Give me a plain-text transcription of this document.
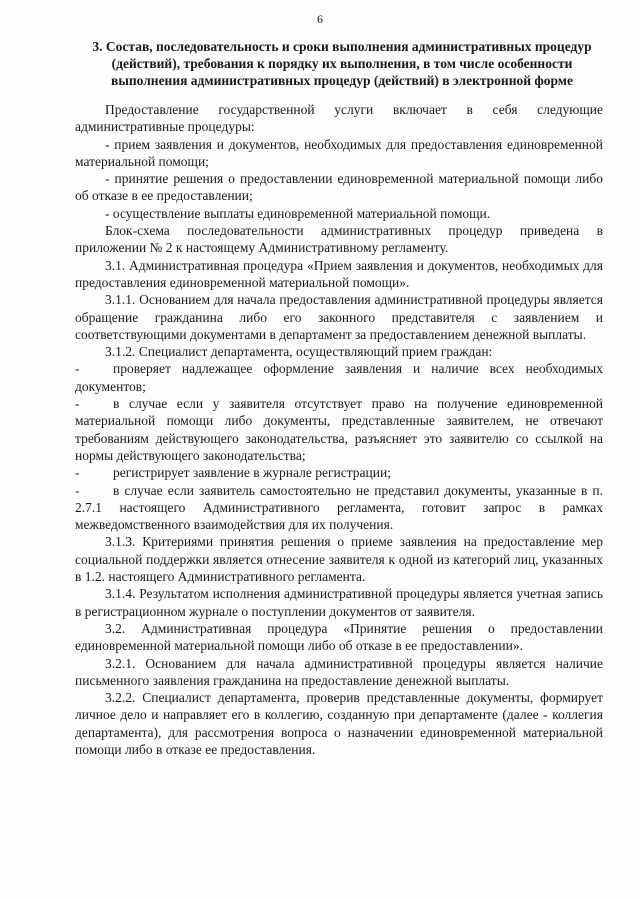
6
3. Состав, последовательность и сроки выполнения административных процедур (действий), требования к порядку их выполнения, в том числе особенности выполнения административных процедур (действий) в электронной форме
Предоставление государственной услуги включает в себя следующие административные процедуры:
- прием заявления и документов, необходимых для предоставления единовременной материальной помощи;
- принятие решения о предоставлении единовременной материальной помощи либо об отказе в ее предоставлении;
- осуществление выплаты единовременной материальной помощи.
Блок-схема последовательности административных процедур приведена в приложении № 2 к настоящему Административному регламенту.
3.1. Административная процедура «Прием заявления и документов, необходимых для предоставления единовременной материальной помощи».
3.1.1. Основанием для начала предоставления административной процедуры является обращение гражданина либо его законного представителя с заявлением и соответствующими документами в департамент за предоставлением денежной выплаты.
3.1.2. Специалист департамента, осуществляющий прием граждан:
- проверяет надлежащее оформление заявления и наличие всех необходимых документов;
- в случае если у заявителя отсутствует право на получение единовременной материальной помощи либо документы, представленные заявителем, не отвечают требованиям действующего законодательства, разъясняет это заявителю со ссылкой на нормы действующего законодательства;
- регистрирует заявление в журнале регистрации;
- в случае если заявитель самостоятельно не представил документы, указанные в п. 2.7.1 настоящего Административного регламента, готовит запрос в рамках межведомственного взаимодействия для их получения.
3.1.3. Критериями принятия решения о приеме заявления на предоставление мер социальной поддержки является отнесение заявителя к одной из категорий лиц, указанных в 1.2. настоящего Административного регламента.
3.1.4. Результатом исполнения административной процедуры является учетная запись в регистрационном журнале о поступлении документов от заявителя.
3.2. Административная процедура «Принятие решения о предоставлении единовременной материальной помощи либо об отказе в ее предоставлении».
3.2.1. Основанием для начала административной процедуры является наличие письменного заявления гражданина на предоставление денежной выплаты.
3.2.2. Специалист департамента, проверив представленные документы, формирует личное дело и направляет его в коллегию, созданную при департаменте (далее - коллегия департамента), для рассмотрения вопроса о назначении единовременной материальной помощи либо в отказе ее предоставления.
